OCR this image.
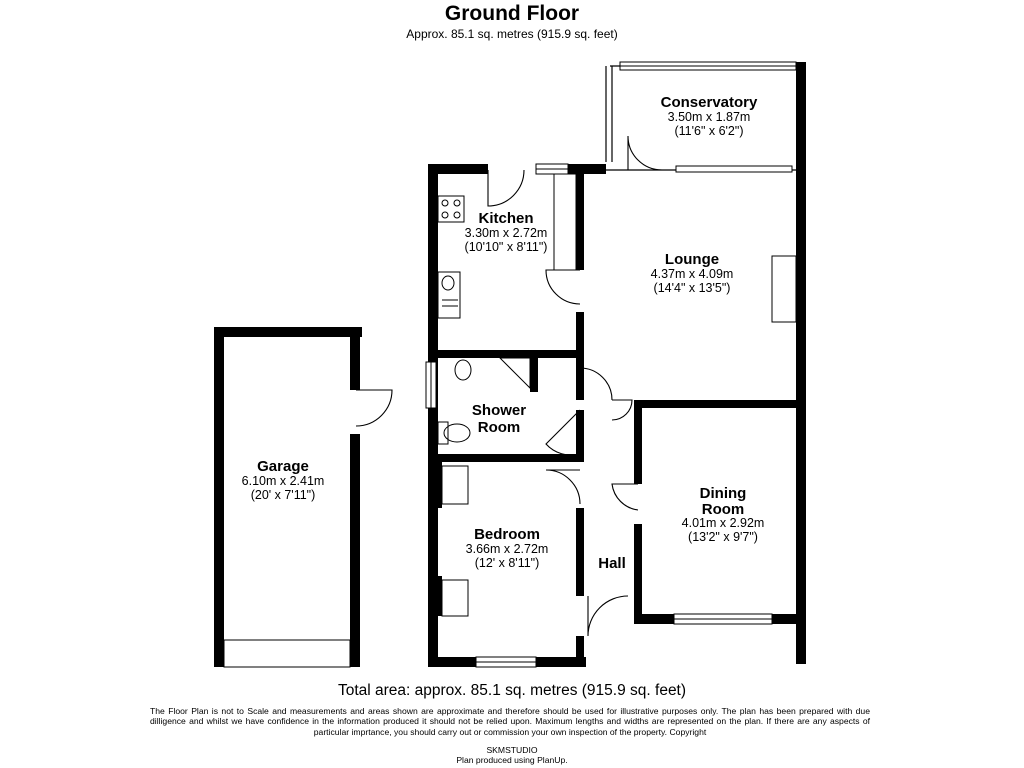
Ground Floor
Approx. 85.1 sq. metres (915.9 sq. feet)
Conservatory
3.50m x 1.87m
(11'6" x 6'2")
Kitchen
3.30m x 2.72m
(10'10" x 8'11")
Lounge
4.37m x 4.09m
(14'4" x 13'5")
Shower
Room
Garage
6.10m x 2.41m
(20' x 7'11")	Dining
Room
4.01m x 2.92m
(13'2" x 9'7")
Bedroom
3.66m x 2.72m
(12' x 8'11")	Hall
Total area: approx. 85.1 sq. metres (915.9 sq. feet)
The Floor Plan is not to Scale and measurements and areas shown are approximate and therefore should be used for illustrative purposes only. The plan has been prepared with due dilligence and whilst we have confidence in the information produced it should not be relied upon. Maximum lengths and widths are represented on the plan. If there are any aspects of particular imprtance, you should carry out or commission your own inspection of the property. Copyright
SKMSTUDIO
Plan produced using PlanUp.
